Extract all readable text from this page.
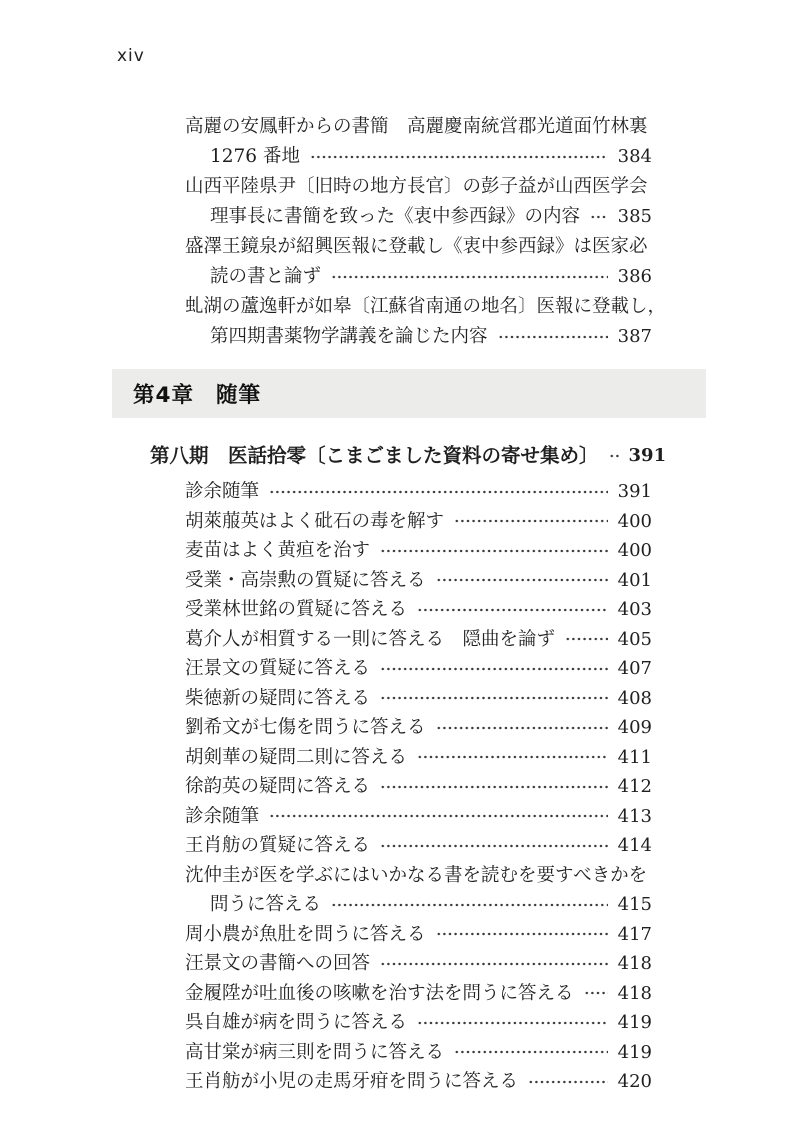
xiv
高麗の安鳳軒からの書簡　高麗慶南統営郡光道面竹林裏
1276 番地	384
山西平陸県尹〔旧時の地方長官〕の彭子益が山西医学会
理事長に書簡を致った《衷中参西録》の内容 385
盛澤王鏡泉が紹興医報に登載し《衷中参西録》は医家必
読の書と論ず	386
虬湖の蘆逸軒が如皋〔江蘇省南通の地名〕医報に登載し，
第四期書薬物学講義を論じた内容	387
第4章 随筆
第八期　医話拾零〔こまごました資料の寄せ集め〕 391
診余随筆	391
胡萊菔英はよく砒石の毒を解す	400
麦苗はよく黄疸を治す	400
受業・高崇勲の質疑に答える	401
受業林世銘の質疑に答える	403
葛介人が相質する一則に答える　隠曲を論ず	405
汪景文の質疑に答える	407
柴徳新の疑問に答える	408
劉希文が七傷を問うに答える	409
胡剣華の疑問二則に答える	411
徐韵英の疑問に答える	412
診余随筆	413
王肖舫の質疑に答える	414
沈仲圭が医を学ぶにはいかなる書を読むを要すべきかを
問うに答える	415
周小農が魚肚を問うに答える	417
汪景文の書簡への回答	418
金履陞が吐血後の咳嗽を治す法を問うに答える 418
呉自雄が病を問うに答える	419
高甘棠が病三則を問うに答える	419
王肖舫が小児の走馬牙疳を問うに答える	420
